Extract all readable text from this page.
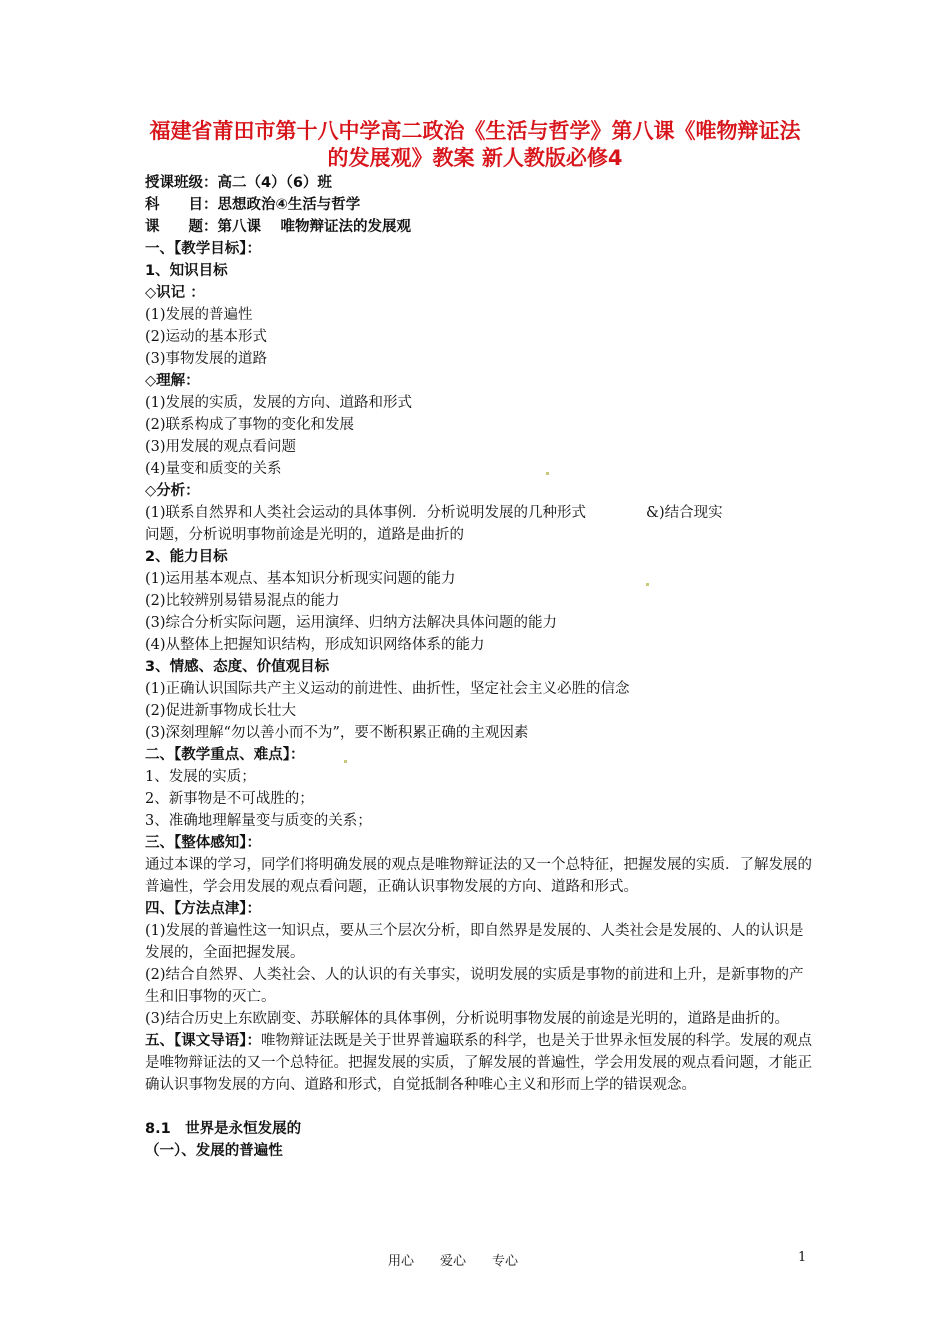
福建省莆田市第十八中学高二政治《生活与哲学》第八课《唯物辩证法的发展观》教案 新人教版必修4
授课班级：高二（4）（6）班
科　　目：思想政治④生活与哲学
课　　题：第八课　 唯物辩证法的发展观
一、【教学目标】：
1、知识目标
◇识记 ：
(1)发展的普遍性
(2)运动的基本形式
(3)事物发展的道路
◇理解：
(1)发展的实质，发展的方向、道路和形式
(2)联系构成了事物的变化和发展
(3)用发展的观点看问题
(4)量变和质变的关系
◇分析：
(1)联系自然界和人类社会运动的具体事例．分析说明发展的几种形式	&)结合现实
问题，分析说明事物前途是光明的，道路是曲折的
2、能力目标
(1)运用基本观点、基本知识分析现实问题的能力
(2)比较辨别易错易混点的能力
(3)综合分析实际问题，运用演绎、归纳方法解决具体问题的能力
(4)从整体上把握知识结构，形成知识网络体系的能力
3、情感、态度、价值观目标
(1)正确认识国际共产主义运动的前进性、曲折性，坚定社会主义必胜的信念
(2)促进新事物成长壮大
(3)深刻理解“勿以善小而不为”，要不断积累正确的主观因素
二、【教学重点、难点】：
1、发展的实质；
2、新事物是不可战胜的；
3、准确地理解量变与质变的关系；
三、【整体感知】：
通过本课的学习，同学们将明确发展的观点是唯物辩证法的又一个总特征，把握发展的实质．了解发展的普遍性，学会用发展的观点看问题，正确认识事物发展的方向、道路和形式。
四、【方法点津】：
(1)发展的普遍性这一知识点，要从三个层次分析，即自然界是发展的、人类社会是发展的、人的认识是发展的，全面把握发展。
(2)结合自然界、人类社会、人的认识的有关事实，说明发展的实质是事物的前进和上升，是新事物的产生和旧事物的灭亡。
(3)结合历史上东欧剧变、苏联解体的具体事例，分析说明事物发展的前途是光明的，道路是曲折的。
五、【课文导语】：唯物辩证法既是关于世界普遍联系的科学，也是关于世界永恒发展的科学。发展的观点是唯物辩证法的又一个总特征。把握发展的实质，了解发展的普遍性，学会用发展的观点看问题，才能正确认识事物发展的方向、道路和形式，自觉抵制各种唯心主义和形而上学的错误观念。
8.1　世界是永恒发展的
（一）、发展的普遍性
用心　　爱心　　专心	1
